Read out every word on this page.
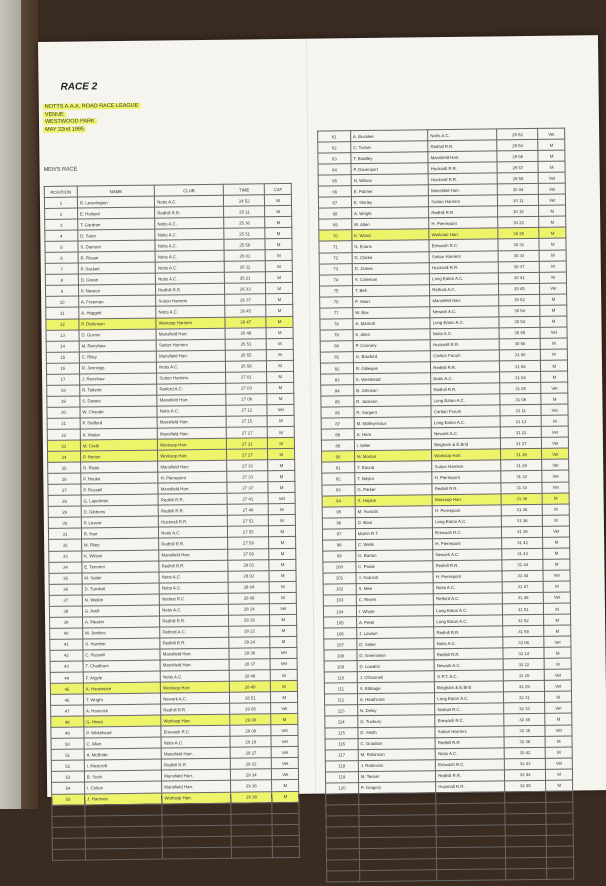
RACE 2
NOTTS A.A.A. ROAD RACE LEAGUE
VENUE
WESTWOOD PARK
MAY 22nd 1995
MEN'S RACE
POSITION	NAME	CLUB	TIME	CAT
1	R. Leverington	Notts A.C.	24 52	M
2	E. Holland	Redhill R.R.	25 11	M
3	T. Gardner	Notts A.C.	25 36	M
4	D. Suter	Notts A.C.	25 51	M
5	S. Damore	Notts A.C.	25 59	M
6	R. Rouse	Notts A.C.	26 01	M
7	P. Sackett	Notts A.C.	26 11	M
8	D. Green	Notts A.C.	26 21	M
9	P. Newton	Redhill R.R.	26 33	M
10	A. Freeman	Sutton Harriers	26 37	M
11	A. Hoggett	Notts A.C.	26 45	M
12	P. Dickinson	Worksop Harriers	26 47	M
13	D. Gurner	Mansfield Harr.	26 48	M
14	M. Renshaw	Sutton Harriers	26 51	M
15	C. Riley	Mansfield Harr.	26 55	M
16	R. Jennings	Notts A.C.	26 58	M
17	J. Renshaw	Sutton Harriers	27 01	M
18	R. Tatlerte	Retford A.C.	27 03	M
19	S. Dawes	Mansfield Harr.	27 08	M
20	W. Chande	Notts A.C.	27 12	Vet
21	P. Stafford	Mansfield Harr.	27 15	M
22	A. Walter	Mansfield Harr.	27 17	M
23	M. Creib	Worksop Harr.	27 21	M
24	P. Norton	Worksop Harr.	27 27	M
25	R. Platts	Mansfield Harr.	27 33	M
26	P. Hooke	H. Pierrepont	27 33	M
27	P. Russell	Mansfield Harr.	27 37	M
28	G. Lapelinski	Redhill R.R.	27 41	Vet
29	D. Gibbons	Redhill R.R.	27 49	M
30	P. Levere	Hucknall R.R.	27 51	M
31	R. Hart	Notts A.C.	27 55	M
32	M. Riley	Redhill R.R.	27 59	M
33	K. Wilson	Mansfield Harr.	27 59	M
34	E. Tennent	Redhill R.R.	28 01	M
35	M. Salter	Notts A.C.	28 02	M
36	D. Turnbull	Notts A.C.	28 04	M
37	N. Watkin	Notfast R.C.	28 08	M
38	G. Astill	Notts A.C.	28 14	Vet
39	A. Meakin	Redhill R.R.	28 19	M
40	M. Jenkins	Retford A.C.	28 22	M
41	S. Humber	Redhill R.R.	28 24	M
42	C. Russell	Mansfield Harr.	28 36	Vet
43	T. Chadburn	Mansfield Harr.	28 37	Vet
44	F. Argyle	Notts A.C.	28 48	M
45	A. Hardwicke	Worksop Harr.	28 48	M
46	T. Wright	Newark A.C.	28 51	M
47	A. Hancock	Redhill R.R.	29 05	Vet
48	G. Hines	Worksop Harr.	29 08	M
49	P. Whitehead	Erewash R.C.	29 09	Vet
50	C. Allen	Notts A.C.	29 19	Vet
51	A. McBride	Mansfield Harr.	29 27	Vet
52	I. Medcroft	Redhill R.R.	29 32	Vet
53	B. Scott	Mansfield Harr.	29 34	Vet
54	I. Colton	Mansfield Harr.	29 36	M
55	J. Harrison	Worksop Harr.	29 38	M
56	K. Brown	Notts A.C.	29 43	M
57	B. Smithson	H. Pierrepont	29 43	M
58	K. Flamm	Long Eaton A.C.	29 47	M
59	G. McMahon	Notts A.C.	29 49	Vet
60	A. Kerr	H. Pierrepont	29 52	M
61	A. Bucklee	Notts A.C.	29 52	Vet
62	C. Turner	Redhill R.R.	29 54	M
63	T. Bradley	Mansfield Harr.	29 56	M
64	P. Davenport	Hucknall R.R.	29 57	M
65	N. Wilson	Hucknall R.R.	29 59	Vet
66	E. Palmer	Mansfield Harr.	30 04	Vet
67	E. Shirley	Sutton Harriers	30 11	Vet
68	A. Wright	Redhill R.R.	30 15	M
69	W. Allen	H. Pierrepont	30 22	M
70	K. Wood	Worksop Harr.	30 25	M
71	N. Evans	Erewash R.C.	30 31	M
72	D. Clarke	Sutton Harriers	30 33	M
73	D. James	Hucknall R.R.	30 37	M
74	S. Coleman	Long Eaton A.C.	30 41	M
75	T. Bell	Retford A.C.	30 45	Vet
76	P. Searr	Mansfield Harr.	30 52	M
77	W. Bax	Newark A.C.	30 54	M
78	A. Marriott	Long Eaton A.C.	30 54	M
79	K. Allen	Notts A.C.	30 55	Vet
80	P. Connery	Hucknall R.R.	30 56	M
81	G. Bawford	Carlton Forum	31 00	M
82	R. Gillespie	Redhill R.R.	31 04	M
83	K. Westhead	Notts A.C.	31 04	M
84	B. Johnson	Redhill R.R.	31 05	Vet
85	R. Jackson	Long Eaton A.C.	31 08	M
86	R. Sargent	Carlton Forum	31 11	Vet
87	M. Molleyneaux	Long Eaton A.C.	31 13	M
88	A. Horn	Newark A.C.	31 22	Vet
89	I. Miller	Bingham & E.Brid	31 27	Vet
90	M. Morton	Worksop Harr.	31 28	Vet
91	T. Round	Sutton Harriers	31 29	Vet
92	T. Naylor	H. Pierrepont	31 33	Vet
93	G. Parker	Redhill R.R.	31 33	Vet
94	S. Hopkin	Worksop Harr.	31 36	M
95	M. Swords	H. Pierrepont	31 36	M
96	D. Boot	Long Eaton A.C.	31 38	M
97	Martin R.T.	Erewash R.C.	31 39	Vet
98	C. Wells	H. Pierrepont	31 42	M
99	G. Barton	Newark A.C.	31 43	M
100	C. Poole	Redhill R.R.	31 44	M
101	J. Scarrott	H. Pierrepont	31 44	Vet
102	S. Mee	Notts A.C.	31 47	M
103	C. Rivers	Retford A.C.	31 49	Vet
104	I. Whyte	Long Eaton A.C.	31 51	M
105	A. Petel	Long Eaton A.C.	31 52	M
106	J. Lowton	Redhill R.R.	31 59	M
107	D. Salter	Notts A.C.	32 06	Vet
108	D. Greenstein	Redhill R.R.	32 14	M
109	D. Lowdon	Newark A.C.	32 22	M
110	J. O'Donnell	G.P.T. A.C.	32 25	Vet
111	S. Elbbage	Bingham & E.Brid	32 29	Vet
112	A. Heathcote	Long Eaton A.C.	32 31	M
113	N. Deloy	Notfast R.C.	32 33	Vet
114	G. Tuxbury	Erewash R.C.	32 35	M
115	D. Smith	Sutton Harriers	32 35	Vet
116	C. Gradson	Redhill R.R.	32 36	M
117	M. Robinson	Notts A.C.	32 42	M
118	J. Robinson	Erewash R.C.	32 43	Vet
119	M. Tesser	Redhill R.R.	32 44	M
120	P. Gragory	Hucknall R.R.	32 45	M
121	K. Wright	Erewash R.C.	32 46	M
122	C. Blickford	H. Pierrepont	32 47	M
123	P. Jackson	Bingham & E.Brid	32 49	Vet
124	D. Muscut	Mansfield Harr.	32 53	Vet
125	M. Stottham	Hucknall R.R.	32 55	M
126	A. Hines	Hucknall R.R.	32 58	M
127	R. Mayes	Redhill R.R.	32 59	M
128	N. Davenport	Notts A.C.	33 12	M
